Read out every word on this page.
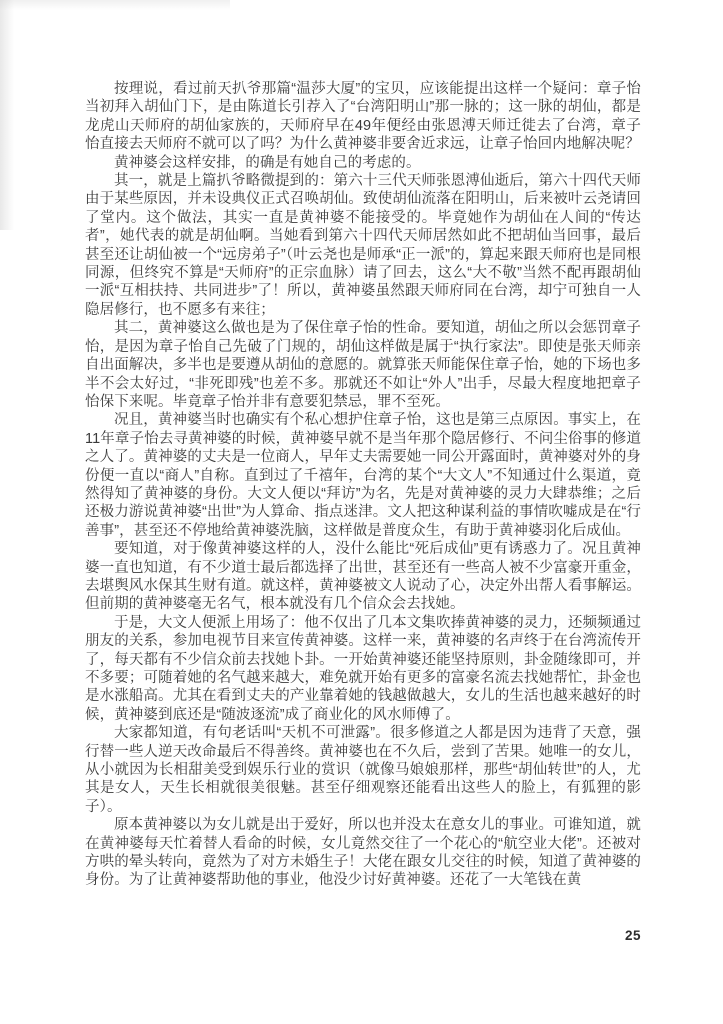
按理说，看过前天扒爷那篇“温莎大厦”的宝贝，应该能提出这样一个疑问：章子怡当初拜入胡仙门下，是由陈道长引荐入了“台湾阳明山”那一脉的；这一脉的胡仙，都是龙虎山天师府的胡仙家族的，天师府早在49年便经由张恩溥天师迁徙去了台湾，章子怡直接去天师府不就可以了吗？为什么黄神婆非要舍近求远，让章子怡回内地解决呢？

黄神婆会这样安排，的确是有她自己的考虑的。

其一，就是上篇扒爷略微提到的：第六十三代天师张恩溥仙逝后，第六十四代天师由于某些原因，并未设典仪正式召唤胡仙。致使胡仙流落在阳明山，后来被叶云尧请回了堂内。这个做法，其实一直是黄神婆不能接受的。毕竟她作为胡仙在人间的“传达者”，她代表的就是胡仙啊。当她看到第六十四代天师居然如此不把胡仙当回事，最后甚至还让胡仙被一个“远房弟子”（叶云尧也是师承“正一派”的，算起来跟天师府也是同根同源，但终究不算是“天师府”的正宗血脉）请了回去，这么“大不敬”当然不配再跟胡仙一派“互相扶持、共同进步”了！所以，黄神婆虽然跟天师府同在台湾，却宁可独自一人隐居修行，也不愿多有来往；

其二，黄神婆这么做也是为了保住章子怡的性命。要知道，胡仙之所以会惩罚章子怡，是因为章子怡自己先破了门规的，胡仙这样做是属于“执行家法”。即使是张天师亲自出面解决，多半也是要遵从胡仙的意愿的。就算张天师能保住章子怡，她的下场也多半不会太好过，“非死即残”也差不多。那就还不如让“外人”出手，尽最大程度地把章子怡保下来呢。毕竟章子怡并非有意要犯禁忌，罪不至死。

况且，黄神婆当时也确实有个私心想护住章子怡，这也是第三点原因。事实上，在11年章子怡去寻黄神婆的时候，黄神婆早就不是当年那个隐居修行、不问尘俗事的修道之人了。黄神婆的丈夫是一位商人，早年丈夫需要她一同公开露面时，黄神婆对外的身份便一直以“商人”自称。直到过了千禧年，台湾的某个“大文人”不知通过什么渠道，竟然得知了黄神婆的身份。大文人便以“拜访”为名，先是对黄神婆的灵力大肆恭维；之后还极力游说黄神婆“出世”为人算命、指点迷津。文人把这种谋利益的事情吹嘘成是在“行善事”，甚至还不停地给黄神婆洗脑，这样做是普度众生，有助于黄神婆羽化后成仙。

要知道，对于像黄神婆这样的人，没什么能比“死后成仙”更有诱惑力了。况且黄神婆一直也知道，有不少道士最后都选择了出世，甚至还有一些高人被不少富豪开重金，去堪舆风水保其生财有道。就这样，黄神婆被文人说动了心，决定外出帮人看事解运。但前期的黄神婆毫无名气，根本就没有几个信众会去找她。

于是，大文人便派上用场了：他不仅出了几本文集吹捧黄神婆的灵力，还频频通过朋友的关系，参加电视节目来宣传黄神婆。这样一来，黄神婆的名声终于在台湾流传开了，每天都有不少信众前去找她卜卦。一开始黄神婆还能坚持原则，卦金随缘即可，并不多要；可随着她的名气越来越大，难免就开始有更多的富豪名流去找她帮忙，卦金也是水涨船高。尤其在看到丈夫的产业靠着她的钱越做越大，女儿的生活也越来越好的时候，黄神婆到底还是“随波逐流”成了商业化的风水师傅了。

大家都知道，有句老话叫“天机不可泄露”。很多修道之人都是因为违背了天意，强行替一些人逆天改命最后不得善终。黄神婆也在不久后，尝到了苦果。她唯一的女儿，从小就因为长相甜美受到娱乐行业的赏识（就像马娘娘那样，那些“胡仙转世”的人，尤其是女人，天生长相就很美很魅。甚至仔细观察还能看出这些人的脸上，有狐狸的影子）。

原本黄神婆以为女儿就是出于爱好，所以也并没太在意女儿的事业。可谁知道，就在黄神婆每天忙着替人看命的时候，女儿竟然交往了一个花心的“航空业大佬”。还被对方哄的晕头转向，竟然为了对方未婚生子！大佬在跟女儿交往的时候，知道了黄神婆的身份。为了让黄神婆帮助他的事业，他没少讨好黄神婆。还花了一大笔钱在黄

25
